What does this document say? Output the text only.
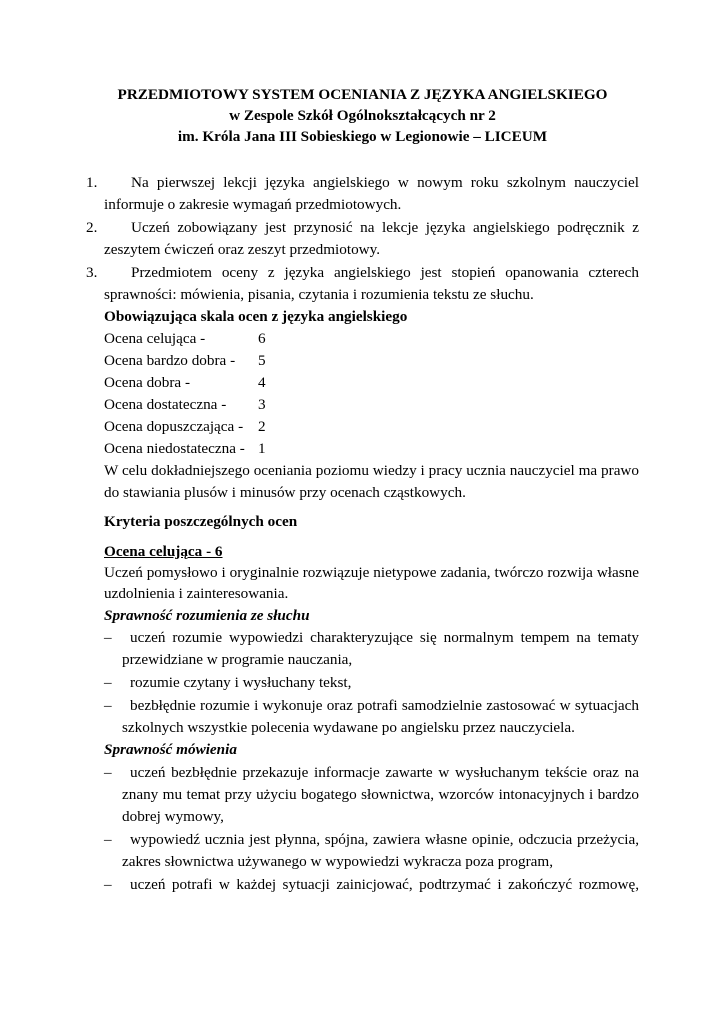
PRZEDMIOTOWY SYSTEM OCENIANIA Z JĘZYKA ANGIELSKIEGO
w Zespole Szkół Ogólnokształcących nr 2
im. Króla Jana III Sobieskiego w Legionowie – LICEUM
1. Na pierwszej lekcji języka angielskiego w nowym roku szkolnym nauczyciel
informuje o zakresie wymagań przedmiotowych.
2. Uczeń zobowiązany jest przynosić na lekcje języka angielskiego podręcznik z
zeszytem ćwiczeń oraz zeszyt przedmiotowy.
3. Przedmiotem oceny z języka angielskiego jest stopień opanowania czterech
sprawności: mówienia, pisania, czytania i rozumienia tekstu ze słuchu.
Obowiązująca skala ocen z języka angielskiego
Ocena celująca -	6
Ocena bardzo dobra - 5
Ocena dobra -	4
Ocena dostateczna - 3
Ocena dopuszczająca - 2
Ocena niedostateczna - 1
W celu dokładniejszego oceniania poziomu wiedzy i pracy ucznia nauczyciel ma prawo
do stawiania plusów i minusów przy ocenach cząstkowych.
Kryteria poszczególnych ocen
Ocena celująca - 6
Uczeń pomysłowo i oryginalnie rozwiązuje nietypowe zadania, twórczo rozwija własne
uzdolnienia i zainteresowania.
Sprawność rozumienia ze słuchu
– uczeń rozumie wypowiedzi charakteryzujące się normalnym tempem na tematy
przewidziane w programie nauczania,
– rozumie czytany i wysłuchany tekst,
– bezbłędnie rozumie i wykonuje oraz potrafi samodzielnie zastosować w sytuacjach
szkolnych wszystkie polecenia wydawane po angielsku przez nauczyciela.
Sprawność mówienia
– uczeń bezbłędnie przekazuje informacje zawarte w wysłuchanym tekście oraz na
znany mu temat przy użyciu bogatego słownictwa, wzorców intonacyjnych i bardzo
dobrej wymowy,
– wypowiedź ucznia jest płynna, spójna, zawiera własne opinie, odczucia przeżycia,
zakres słownictwa używanego w wypowiedzi wykracza poza program,
– uczeń potrafi w każdej sytuacji zainicjować, podtrzymać i zakończyć rozmowę,
